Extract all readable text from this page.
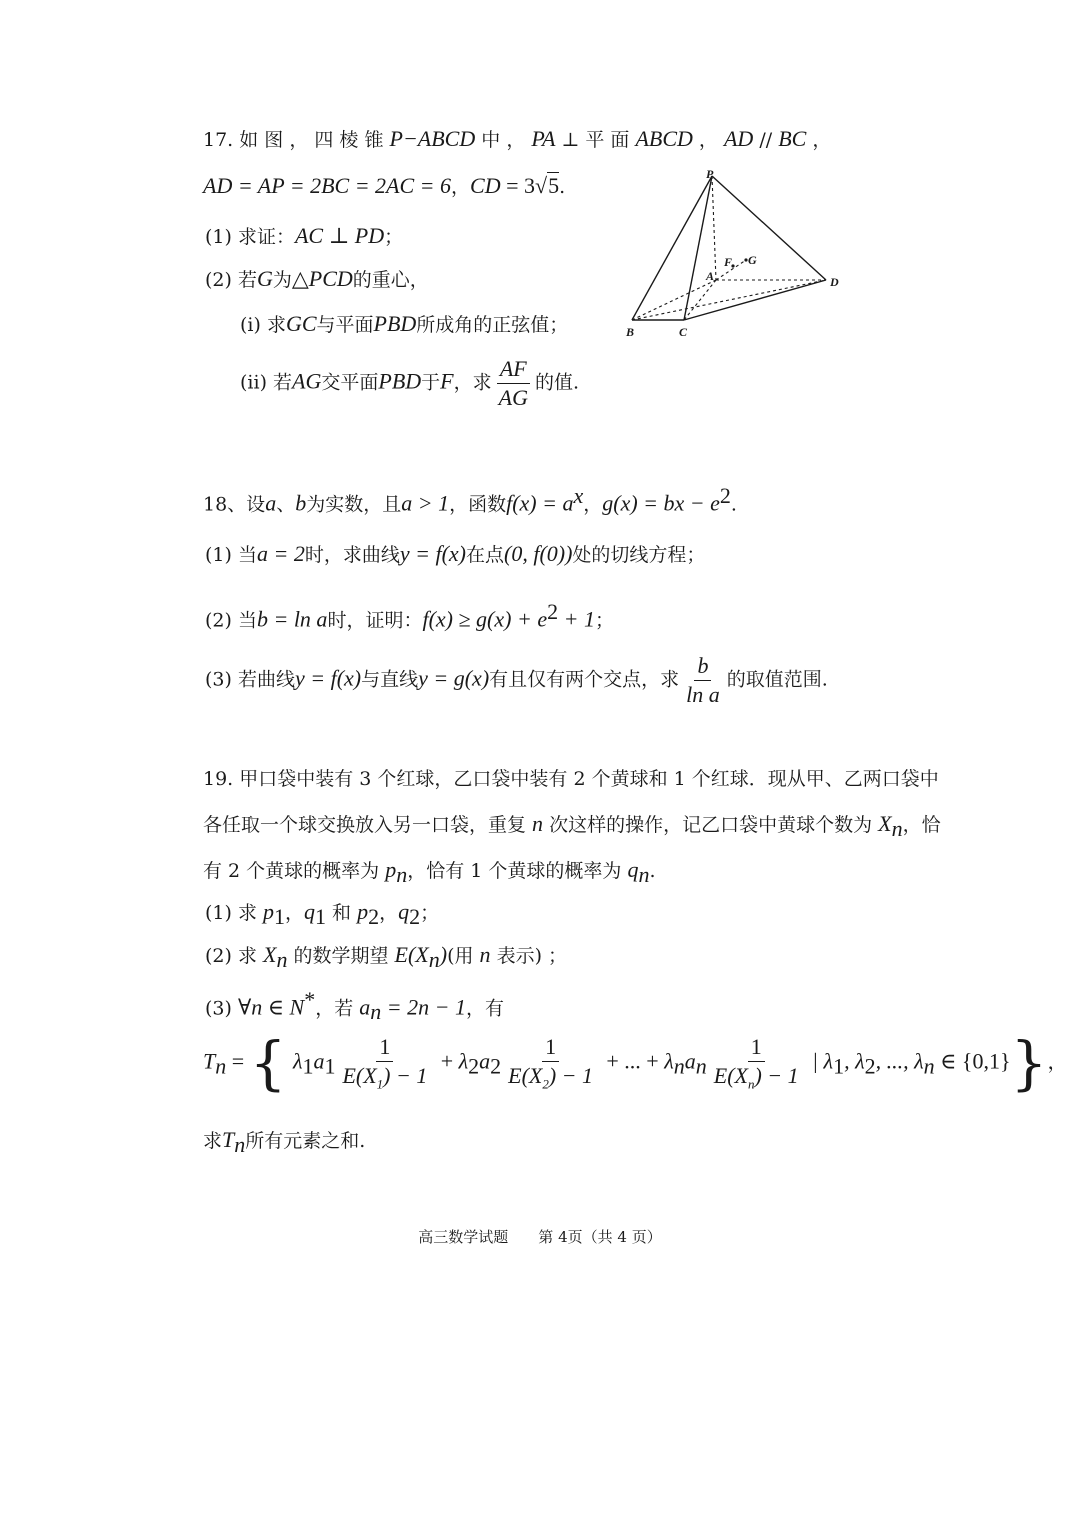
17. 如 图 ， 四 棱 锥 P−ABCD 中 ， PA ⊥ 平 面 ABCD ， AD // BC ，
AD = AP = 2BC = 2AC = 6，CD = 3√5.
(1) 求证：AC ⊥ PD；
(2) 若G为△PCD的重心，
(i) 求GC与平面PBD所成角的正弦值；
(ii) 若AG交平面PBD于F，求 $\frac{AF}{AG}$ 的值.
P
A
B	C
D
F G
18、设a、b为实数，且a > 1，函数$f(x) = a^x$，g(x) = bx − $e^2$.
(1) 当a = 2时，求曲线y = f(x)在点(0, f(0))处的切线方程；
(2) 当b = ln a时，证明：$f(x) \ge g(x) + e^2 + 1$；
(3) 若曲线y = f(x)与直线y = g(x)有且仅有两个交点，求 $\frac{b}{\text{ln a}}$ 的取值范围.
19. 甲口袋中装有 3 个红球，乙口袋中装有 2 个黄球和 1 个红球．现从甲、乙两口袋中
各任取一个球交换放入另一口袋，重复 n 次这样的操作，记乙口袋中黄球个数为 $X_n$，恰
有 2 个黄球的概率为 $p_n$，恰有 1 个黄球的概率为 $q_n$.
(1) 求 $p_1$，$q_1$ 和 $p_2$，$q_2$；
(2) 求 $X_n$ 的数学期望 $E(X_n)$(用 n 表示) ；
(3) ∀n ∈ N*，若 $a_n = 2n - 1$，有
$T_n$ = { $\lambda_1a_1 \frac{1}{E(X_1) - 1} + \lambda_2a_2 \frac{1}{E(X_2) - 1}$ + ... + $\lambda_na_n \frac{1}{E(X_n) - 1}$ | $\lambda_1$, $\lambda_2$, ..., $\lambda_n$ ∈ {0,1}}，
求$T_n$所有元素之和.
高三数学试题　　第 4页（共 4 页）
